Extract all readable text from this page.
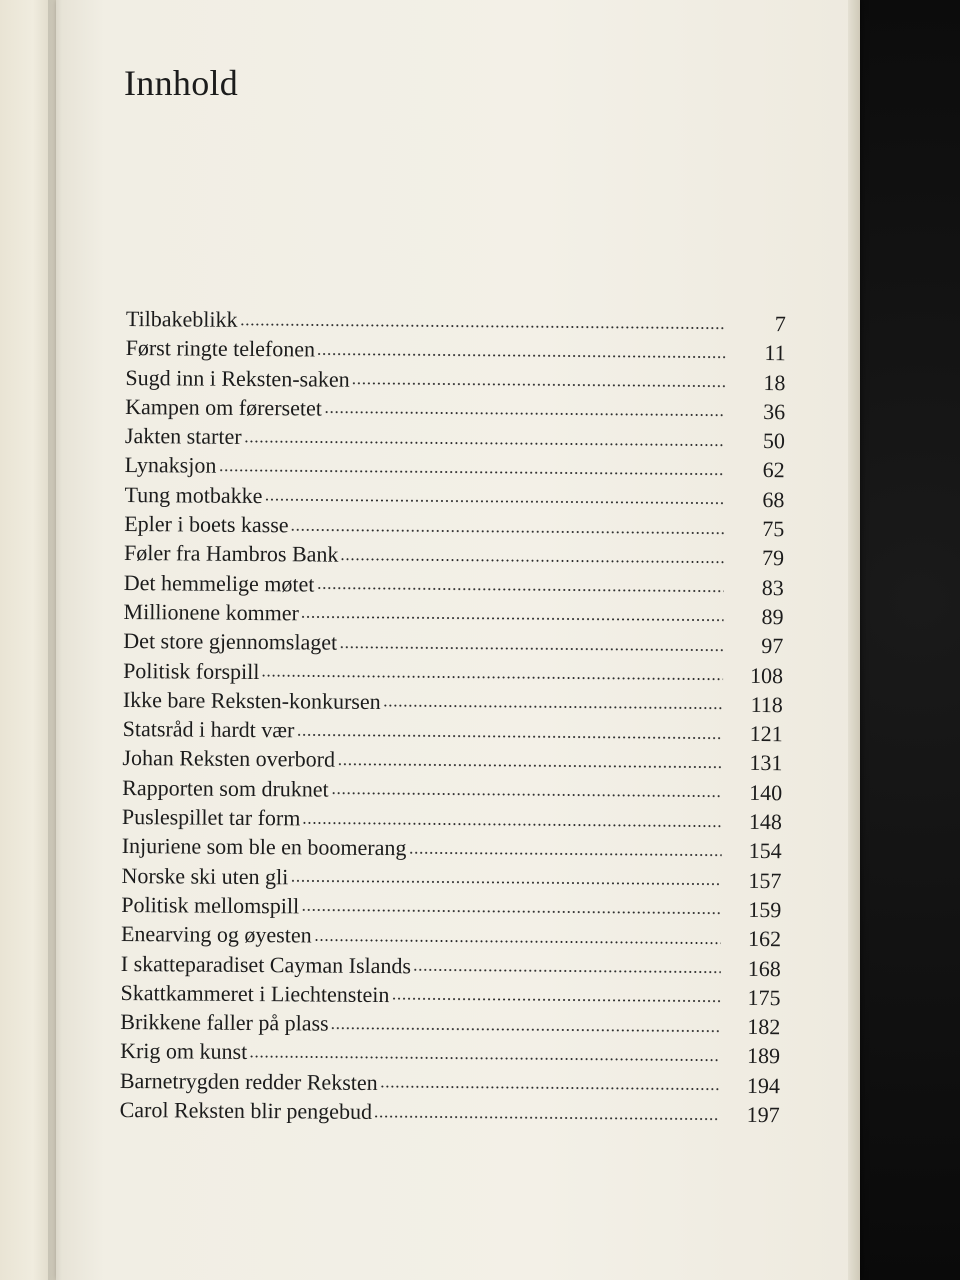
Innhold
Tilbakeblikk	7
Først ringte telefonen	11
Sugd inn i Reksten-saken	18
Kampen om førersetet	36
Jakten starter	50
Lynaksjon	62
Tung motbakke	68
Epler i boets kasse	75
Føler fra Hambros Bank	79
Det hemmelige møtet	83
Millionene kommer	89
Det store gjennomslaget	97
Politisk forspill	108
Ikke bare Reksten-konkursen	118
Statsråd i hardt vær	121
Johan Reksten overbord	131
Rapporten som druknet	140
Puslespillet tar form	148
Injuriene som ble en boomerang	154
Norske ski uten gli	157
Politisk mellomspill	159
Enearving og øyesten	162
I skatteparadiset Cayman Islands	168
Skattkammeret i Liechtenstein	175
Brikkene faller på plass	182
Krig om kunst	189
Barnetrygden redder Reksten	194
Carol Reksten blir pengebud	197
